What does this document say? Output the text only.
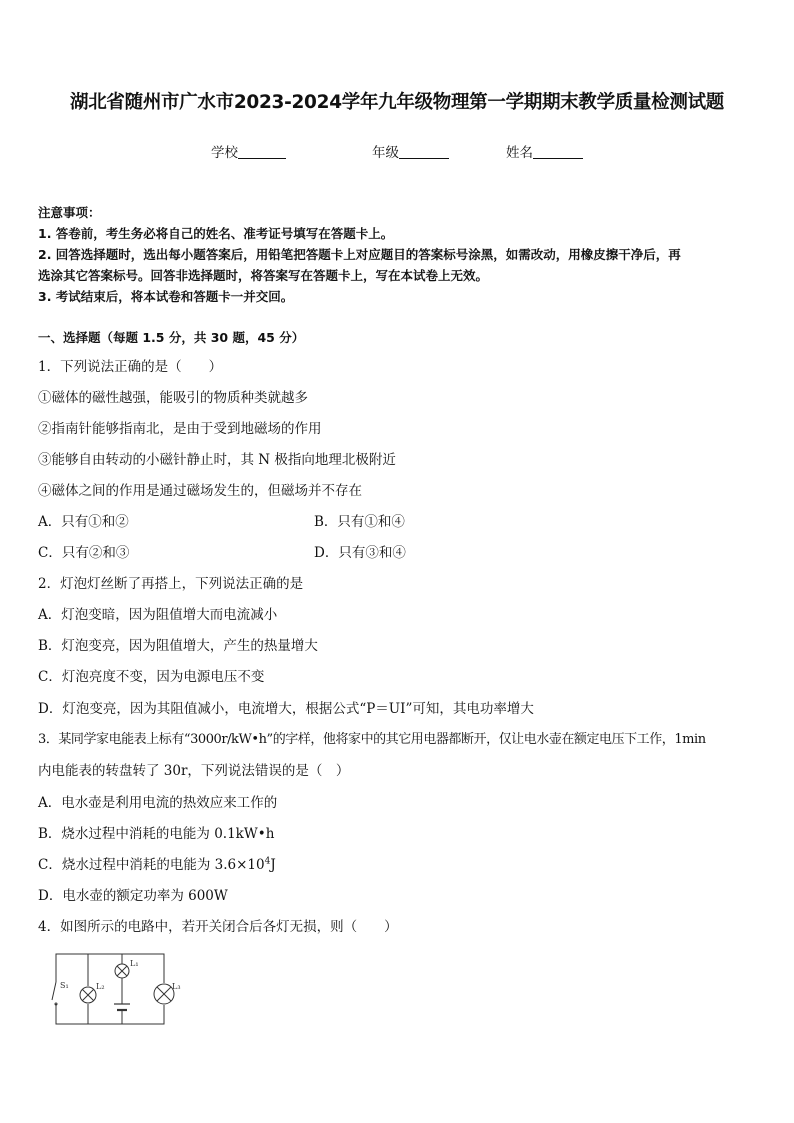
湖北省随州市广水市2023-2024学年九年级物理第一学期期末教学质量检测试题
学校	年级	姓名
注意事项：
1. 答卷前，考生务必将自己的姓名、准考证号填写在答题卡上。
2. 回答选择题时，选出每小题答案后，用铅笔把答题卡上对应题目的答案标号涂黑，如需改动，用橡皮擦干净后，再
选涂其它答案标号。回答非选择题时，将答案写在答题卡上，写在本试卷上无效。
3. 考试结束后，将本试卷和答题卡一并交回。
一、选择题（每题 1.5 分，共 30 题，45 分）
1．下列说法正确的是（　　）
①磁体的磁性越强，能吸引的物质种类就越多
②指南针能够指南北，是由于受到地磁场的作用
③能够自由转动的小磁针静止时，其 N 极指向地理北极附近
④磁体之间的作用是通过磁场发生的，但磁场并不存在
A．只有①和②	B．只有①和④
C．只有②和③	D．只有③和④
2．灯泡灯丝断了再搭上，下列说法正确的是
A．灯泡变暗，因为阻值增大而电流减小
B．灯泡变亮，因为阻值增大，产生的热量增大
C．灯泡亮度不变，因为电源电压不变
D．灯泡变亮，因为其阻值减小，电流增大，根据公式“P＝UI”可知，其电功率增大
3．某同学家电能表上标有“3000r/kW•h”的字样，他将家中的其它用电器都断开，仅让电水壶在额定电压下工作，1min
内电能表的转盘转了 30r，下列说法错误的是（　）
A．电水壶是利用电流的热效应来工作的
B．烧水过程中消耗的电能为 0.1kW•h
C．烧水过程中消耗的电能为 $3.6\times 10^4J$
D．电水壶的额定功率为 600W
4．如图所示的电路中，若开关闭合后各灯无损，则（　　）
S₁
L₁
L₂	L₃
